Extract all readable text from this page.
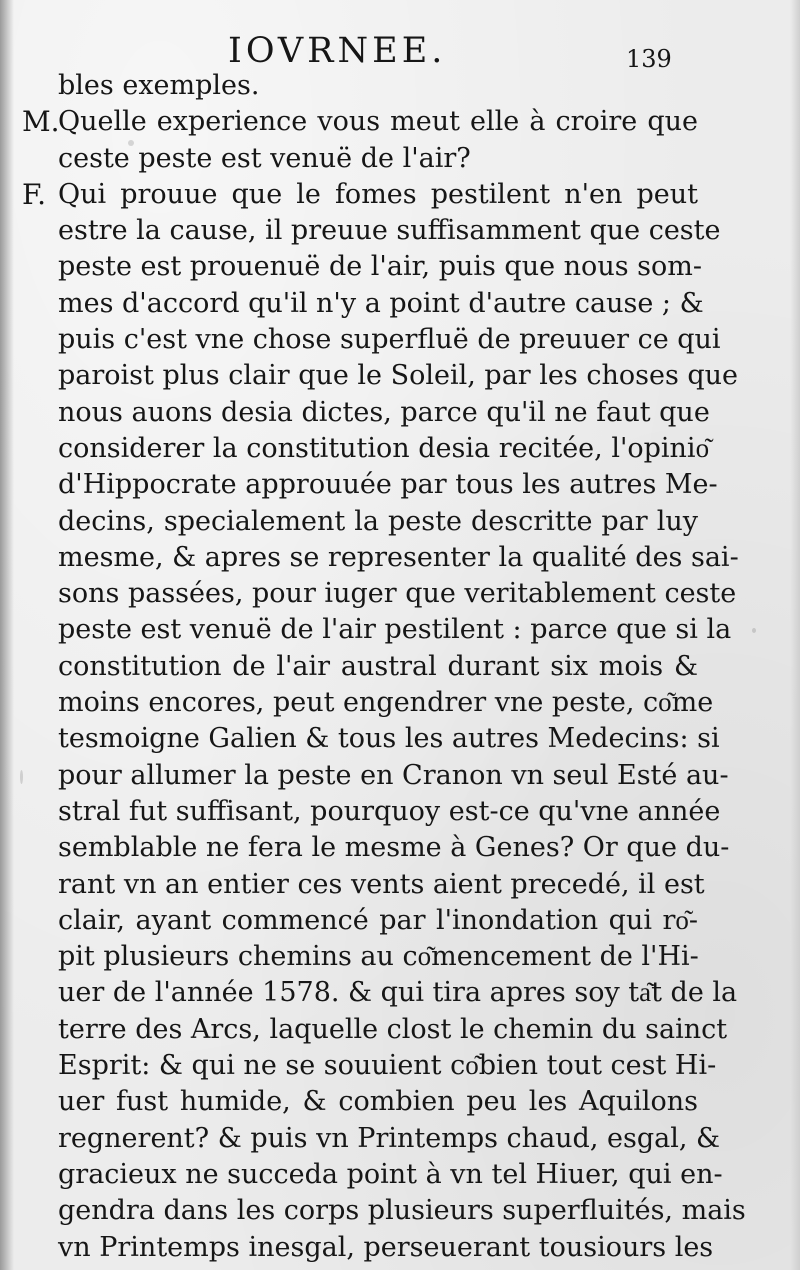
IOVRNEE.	139
bles exemples.
M.
Quelle experience vous meut elle à croire que
ceste peste est venuë de l'air?
F. Qui prouue que le fomes pestilent n'en peut
estre la cause, il preuue suffisamment que ceste
peste est prouenuë de l'air, puis que nous som-
mes d'accord qu'il n'y a point d'autre cause ; &
puis c'est vne chose superfluë de preuuer ce qui
paroist plus clair que le Soleil, par les choses que
nous auons desia dictes, parce qu'il ne faut que
considerer la constitution desia recitée, l'opinio͂
d'Hippocrate approuuée par tous les autres Me-
decins, specialement la peste descritte par luy
mesme, & apres se representer la qualité des sai-
sons passées, pour iuger que veritablement ceste
peste est venuë de l'air pestilent : parce que si la
constitution de l'air austral durant six mois &
moins encores, peut engendrer vne peste, co͂me
tesmoigne Galien & tous les autres Medecins: si
pour allumer la peste en Cranon vn seul Esté au-
stral fut suffisant, pourquoy est-ce qu'vne année
semblable ne fera le mesme à Genes? Or que du-
rant vn an entier ces vents aient precedé, il est
clair, ayant commencé par l'inondation qui ro͂-
pit plusieurs chemins au co͂mencement de l'Hi-
uer de l'année 1578. & qui tira apres soy ta͂t de la
terre des Arcs, laquelle clost le chemin du sainct
Esprit: & qui ne se souuient co͂bien tout cest Hi-
uer fust humide, & combien peu les Aquilons
regnerent? & puis vn Printemps chaud, esgal, &
gracieux ne succeda point à vn tel Hiuer, qui en-
gendra dans les corps plusieurs superfluités, mais
vn Printemps inesgal, perseuerant tousiours les
